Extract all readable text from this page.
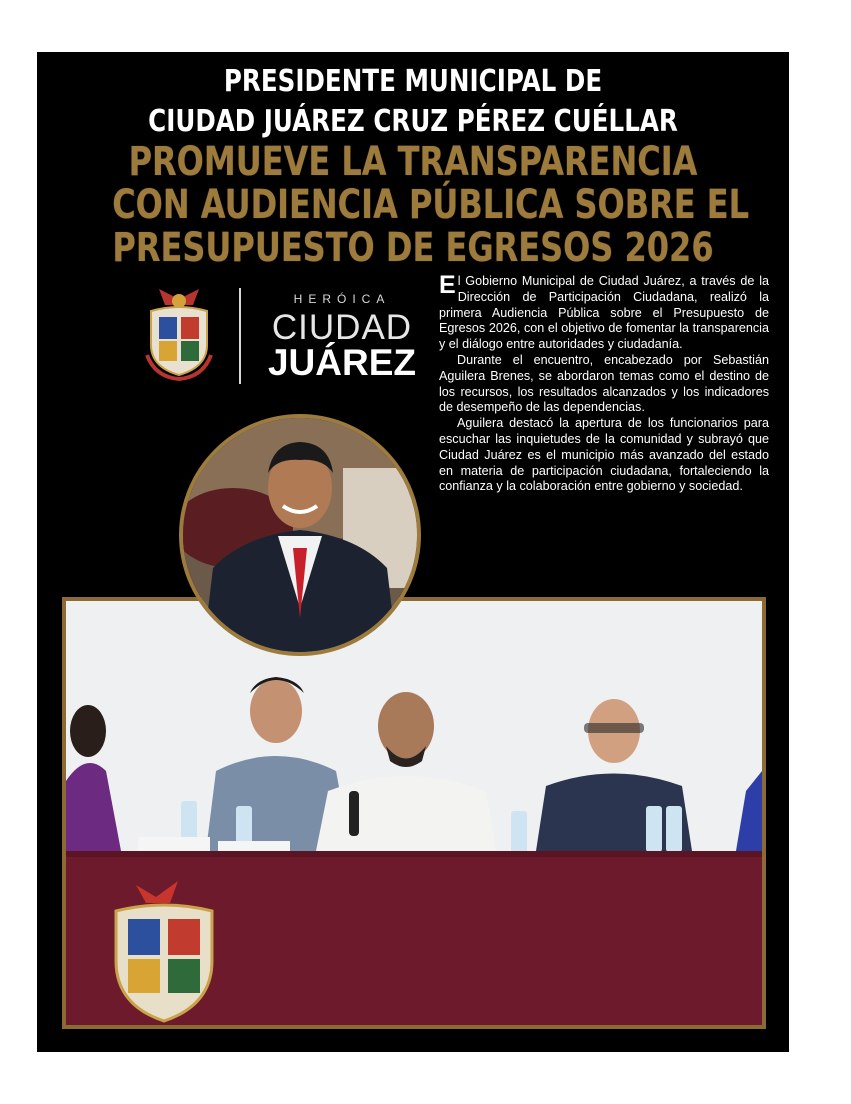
PRESIDENTE MUNICIPAL DE
CIUDAD JUÁREZ CRUZ PÉREZ CUÉLLAR
PROMUEVE LA TRANSPARENCIA
CON AUDIENCIA PÚBLICA SOBRE EL
PRESUPUESTO DE EGRESOS 2026
HERÓICA
CIUDAD
JUÁREZ

El Gobierno Municipal de Ciudad Juárez, a través de la Dirección de Participación Ciudadana, realizó la primera Audiencia Pública sobre el Presupuesto de Egresos 2026, con el objetivo de fomentar la transparencia y el diálogo entre autoridades y ciudadanía.

Durante el encuentro, encabezado por Sebastián Aguilera Brenes, se abordaron temas como el destino de los recursos, los resultados alcanzados y los indicadores de desempeño de las dependencias.

Aguilera destacó la apertura de los funcionarios para escuchar las inquietudes de la comunidad y subrayó que Ciudad Juárez es el municipio más avanzado del estado en materia de participación ciudadana, fortaleciendo la confianza y la colaboración entre gobierno y sociedad.
